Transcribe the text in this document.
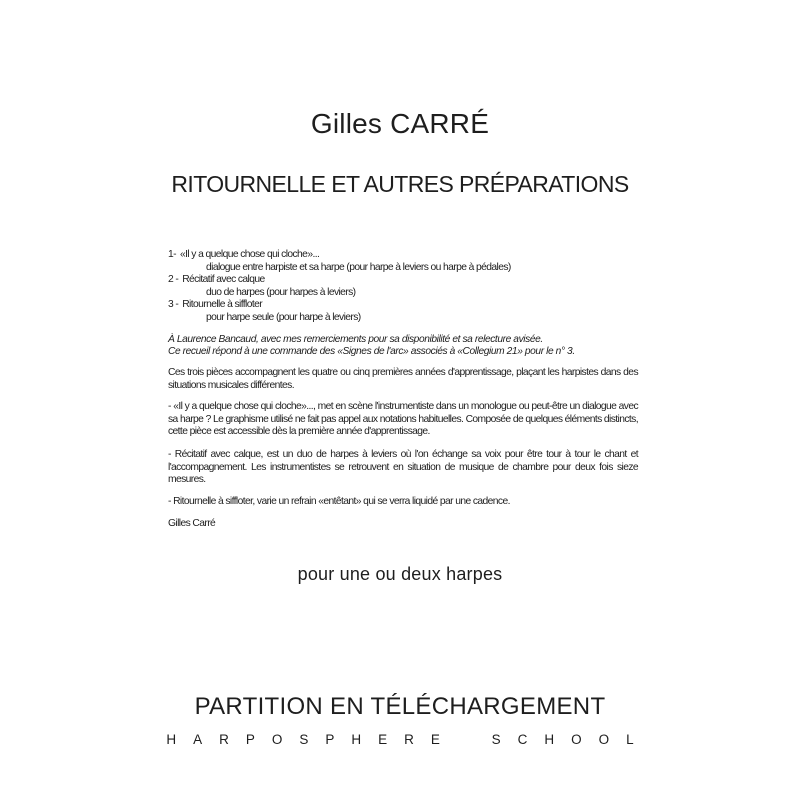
Gilles CARRÉ
RITOURNELLE ET AUTRES PRÉPARATIONS
1- «Il y a quelque chose qui cloche»...
dialogue entre harpiste et sa harpe (pour harpe à leviers ou harpe à pédales)
2 - Récitatif avec calque
duo de harpes (pour harpes à leviers)
3 - Ritournelle à siffloter
pour harpe seule (pour harpe à leviers)
À Laurence Bancaud, avec mes remerciements pour sa disponibilité et sa relecture avisée.
Ce recueil répond à une commande des «Signes de l'arc» associés à «Collegium 21» pour le n° 3.

Ces trois pièces accompagnent les quatre ou cinq premières années d'apprentissage, plaçant les harpistes dans des situations musicales différentes.

- «Il y a quelque chose qui cloche»..., met en scène l'instrumentiste dans un monologue ou peut-être un dialogue avec sa harpe ? Le graphisme utilisé ne fait pas appel aux notations habituelles. Composée de quelques éléments distincts, cette pièce est accessible dès la première année d'apprentissage.

- Récitatif avec calque, est un duo de harpes à leviers où l'on échange sa voix pour être tour à tour le chant et l'accompagnement. Les instrumentistes se retrouvent en situation de musique de chambre pour deux fois sieze mesures.

- Ritournelle à siffloter, varie un refrain «entêtant» qui se verra liquidé par une cadence.

Gilles Carré
pour une ou deux harpes
PARTITION EN TÉLÉCHARGEMENT
HARPOSPHERE SCHOOL
